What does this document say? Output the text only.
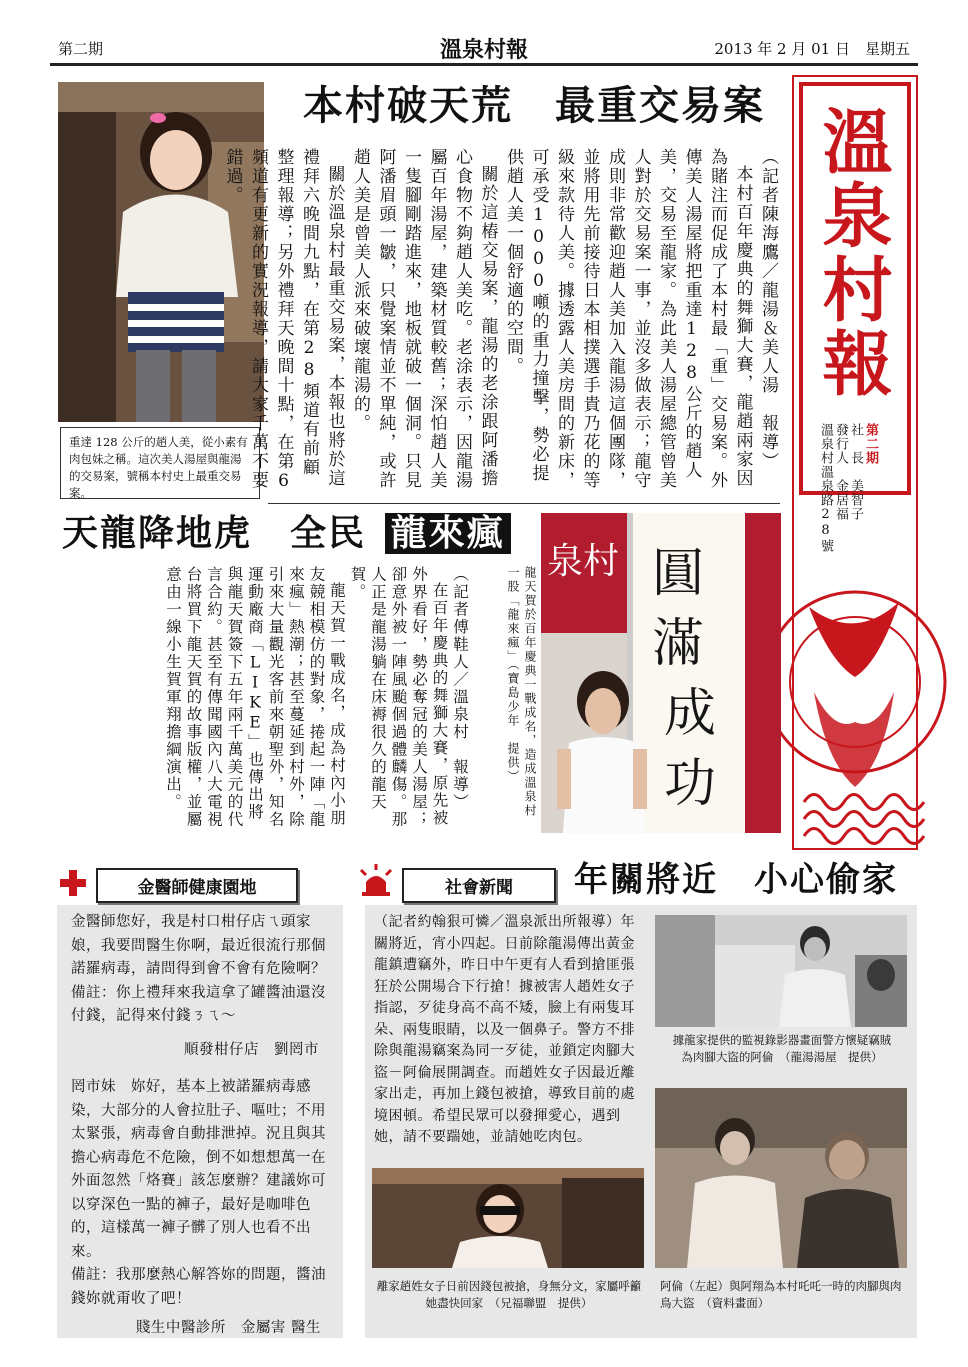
第二期	溫泉村報	2013 年 2 月 01 日　星期五
重達 128 公斤的趙人美，從小素有肉包妹之稱。這次美人湯屋與龍湯的交易案，號稱本村史上最重交易案。
本村破天荒　最重交易案
（記者陳海鷹／龍湯＆美人湯　報導）
本村百年慶典的舞獅大賽，龍趙兩家因為賭注而促成了本村最「重」交易案。外傳美人湯屋將把重達128公斤的趙人美，交易至龍家。為此美人湯屋總管曾美人對於交易案一事，並沒多做表示；龍守成則非常歡迎趙人美加入龍湯這個團隊，並將用先前接待日本相撲選手貴乃花的等級來款待人美。據透露人美房間的新床，可承受1000噸的重力撞擊，勢必提供趙人美一個舒適的空間。
關於這樁交易案，龍湯的老涂跟阿潘擔心食物不夠趙人美吃。老涂表示，因龍湯屬百年湯屋，建築材質較舊；深怕趙人美一隻腳剛踏進來，地板就破一個洞。只見阿潘眉頭一皺，只覺案情並不單純，或許趙人美是曾美人派來破壞龍湯的。
關於溫泉村最重交易案，本報也將於這禮拜六晚間九點，在第28頻道有前顧整理報導；另外禮拜天晚間十點，在第6頻道有更新的實況報導，請大家千萬不要錯過。	溫泉村報
第二期
社　長　美智子
發行人　金居福
溫泉村溫泉路28號
天龍降地虎　全民 龍來瘋
（記者傅鞋人／溫泉村　報導）
在百年慶典的舞獅大賽，原先被外界看好，勢必奪冠的美人湯屋；卻意外被一陣風颱個過體麟傷。那人正是龍湯躺在床褥很久的龍天賀。
龍天賀一戰成名，成為村內小朋友競相模仿的對象，捲起一陣「龍來瘋」熱潮；甚至蔓延到村外，除引來大量觀光客前來朝聖外，知名運動廠商「LIKE」也傳出將與龍天賀簽下五年兩千萬美元的代言合約。甚至有傳聞國內八大電視台將買下龍天賀的故事版權，並屬意由一線小生賀軍翔擔綱演出。	龍天賀於百年慶典一戰成名，造成溫泉村一股「龍來瘋」（寶島少年　提供）
泉村 圓
滿
成
功
金醫師健康園地
金醫師您好，我是村口柑仔店ㄟ頭家娘，我要問醫生你啊，最近很流行那個諾羅病毒，請問得到會不會有危險啊？
備註：你上禮拜來我這拿了罐醬油還沒付錢，記得來付錢ㄋㄟ～
順發柑仔店　劉罔市
罔市妹　妳好，基本上被諾羅病毒感染，大部分的人會拉肚子、嘔吐；不用太緊張，病毒會自動排泄掉。況且與其擔心病毒危不危險，倒不如想想萬一在外面忽然「烙賽」該怎麼辦？建議妳可以穿深色一點的褲子，最好是咖啡色的，這樣萬一褲子髒了別人也看不出來。
備註：我那麼熱心解答妳的問題，醬油錢妳就甭收了吧！
賤生中醫診所　金屬害 醫生
社會新聞	年關將近　小心偷家
（記者約翰狠可憐／溫泉派出所報導）年關將近，宵小四起。日前除龍湯傳出黃金龍鎮遭竊外，昨日中午更有人看到搶匪張狂於公開場合下行搶！據被害人趙姓女子指認，歹徒身高不高不矮，臉上有兩隻耳朵、兩隻眼睛，以及一個鼻子。警方不排除與龍湯竊案為同一歹徒，並鎖定肉腳大盜－阿倫展開調查。而趙姓女子因最近離家出走，再加上錢包被搶，導致目前的處境困頓。希望民眾可以發揮愛心，遇到她，請不要踹她，並請她吃肉包。
據龍家提供的監視錄影器畫面警方懷疑竊賊為肉腳大盜的阿倫　（龍湯湯屋　提供）
阿倫（左起）與阿翔為本村吒吒一時的肉腳與肉鳥大盜　（資料畫面）
離家趙姓女子日前因錢包被搶，身無分文，家屬呼籲她盡快回家　（兄福聯盟　提供）
